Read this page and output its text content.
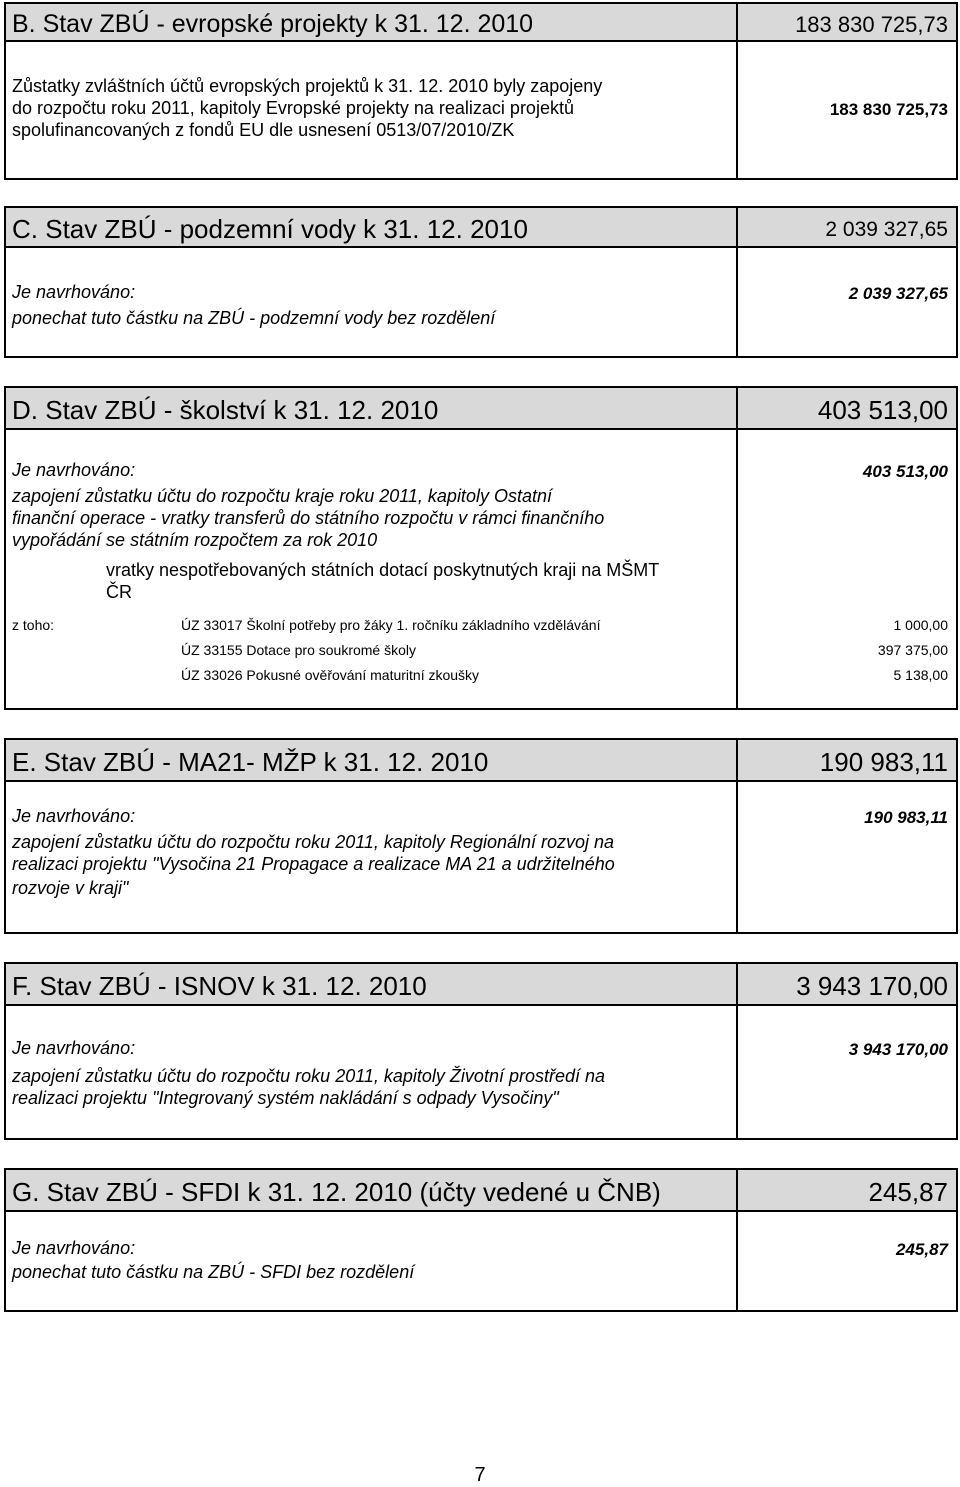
B. Stav ZBÚ - evropské projekty k 31. 12. 2010	183 830 725,73
Zůstatky zvláštních účtů evropských projektů k 31. 12. 2010 byly zapojeny
do rozpočtu roku 2011, kapitoly Evropské projekty na realizaci projektů
spolufinancovaných z fondů EU dle usnesení 0513/07/2010/ZK
183 830 725,73
C. Stav ZBÚ - podzemní vody k 31. 12. 2010	2 039 327,65
Je navrhováno:
ponechat tuto částku na ZBÚ - podzemní vody bez rozdělení
2 039 327,65
D. Stav ZBÚ - školství k 31. 12. 2010	403 513,00
Je navrhováno:
zapojení zůstatku účtu do rozpočtu kraje roku 2011, kapitoly Ostatní
finanční operace - vratky transferů do státního rozpočtu v rámci finančního
vypořádání se státním rozpočtem za rok 2010
403 513,00
vratky nespotřebovaných státních dotací poskytnutých kraji na MŠMT
ČR
z toho:	ÚZ 33017 Školní potřeby pro žáky 1. ročníku základního vzdělávání	1 000,00
ÚZ 33155 Dotace pro soukromé školy	397 375,00
ÚZ 33026 Pokusné ověřování maturitní zkoušky	5 138,00
E. Stav ZBÚ - MA21- MŽP k 31. 12. 2010	190 983,11
Je navrhováno:
zapojení zůstatku účtu do rozpočtu roku 2011, kapitoly Regionální rozvoj na
realizaci projektu "Vysočina 21 Propagace a realizace MA 21 a udržitelného
rozvoje v kraji"
190 983,11
F. Stav ZBÚ - ISNOV k 31. 12. 2010	3 943 170,00
Je navrhováno:
zapojení zůstatku účtu do rozpočtu roku 2011, kapitoly Životní prostředí na
realizaci projektu "Integrovaný systém nakládání s odpady Vysočiny"
3 943 170,00
G. Stav ZBÚ - SFDI k 31. 12. 2010 (účty vedené u ČNB)	245,87
Je navrhováno:
ponechat tuto částku na ZBÚ - SFDI bez rozdělení
245,87
7
